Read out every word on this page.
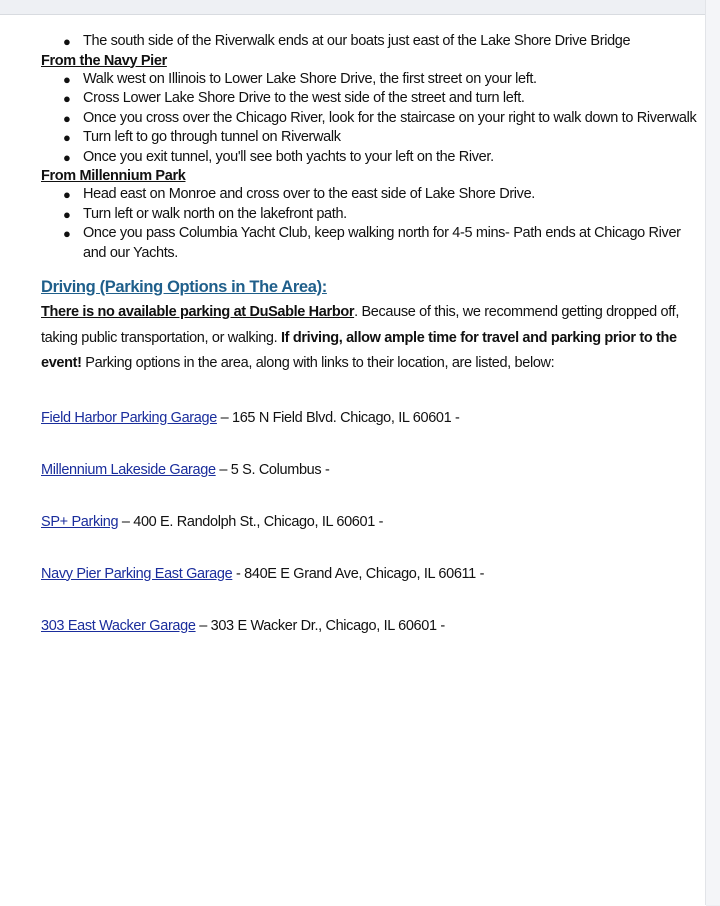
● The south side of the Riverwalk ends at our boats just east of the Lake Shore Drive Bridge
From the Navy Pier
● Walk west on Illinois to Lower Lake Shore Drive, the first street on your left.
● Cross Lower Lake Shore Drive to the west side of the street and turn left.
● Once you cross over the Chicago River, look for the staircase on your right to walk down to Riverwalk
● Turn left to go through tunnel on Riverwalk
● Once you exit tunnel, you'll see both yachts to your left on the River.
From Millennium Park
● Head east on Monroe and cross over to the east side of Lake Shore Drive.
● Turn left or walk north on the lakefront path.
● Once you pass Columbia Yacht Club, keep walking north for 4-5 mins- Path ends at Chicago River and our Yachts.
Driving (Parking Options in The Area):
There is no available parking at DuSable Harbor. Because of this, we recommend getting dropped off, taking public transportation, or walking. If driving, allow ample time for travel and parking prior to the event! Parking options in the area, along with links to their location, are listed, below:
Field Harbor Parking Garage – 165 N Field Blvd. Chicago, IL 60601 -
Millennium Lakeside Garage – 5 S. Columbus -
SP+ Parking – 400 E. Randolph St., Chicago, IL 60601 -
Navy Pier Parking East Garage - 840E E Grand Ave, Chicago, IL 60611 -
303 East Wacker Garage – 303 E Wacker Dr., Chicago, IL 60601 -
